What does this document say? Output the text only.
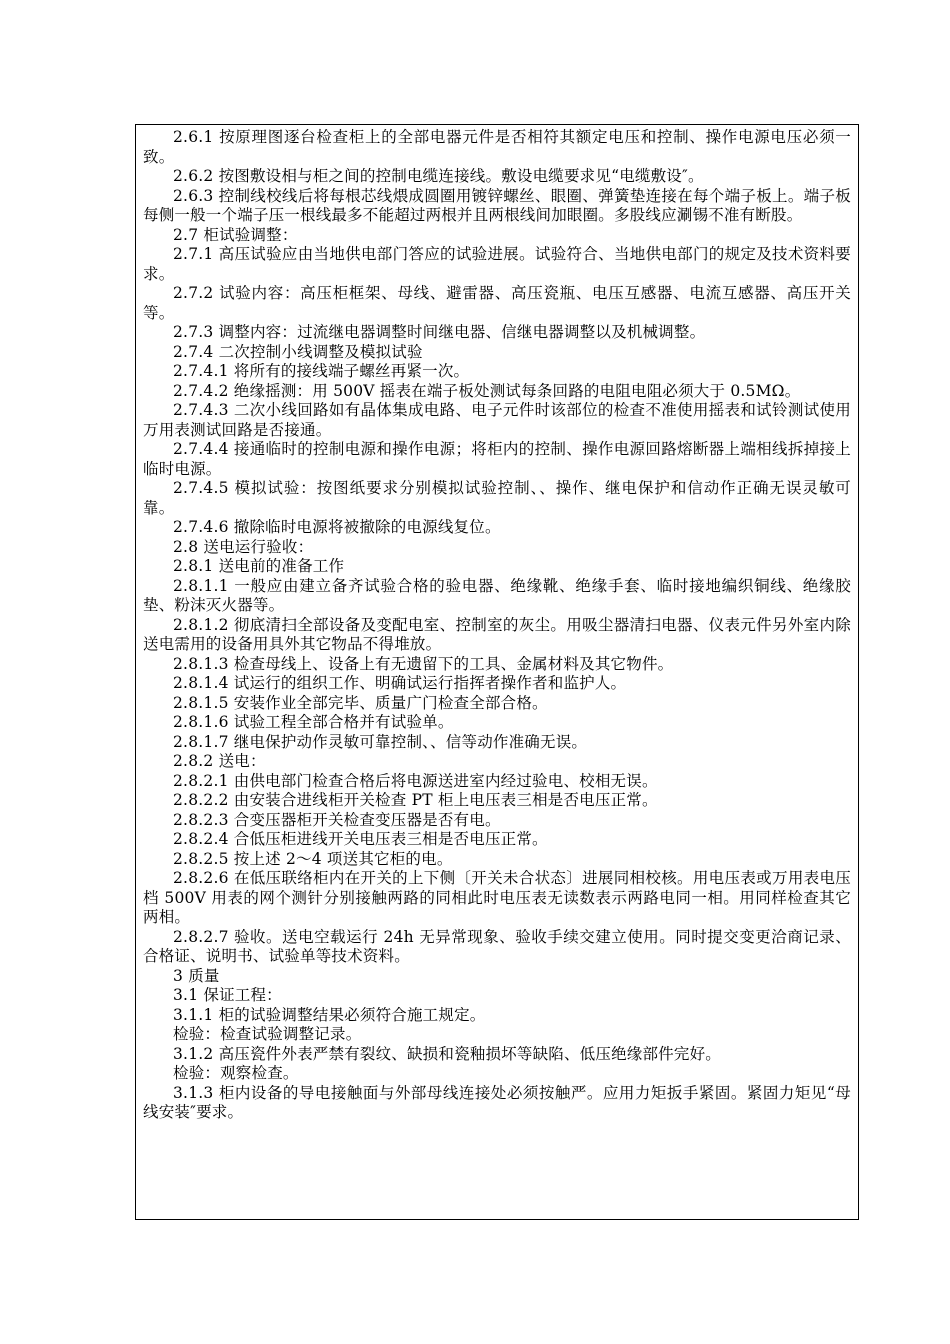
2.6.1 按原理图逐台检查柜上的全部电器元件是否相符其额定电压和控制、操作电源电压必须一致。

2.6.2 按图敷设相与柜之间的控制电缆连接线。敷设电缆要求见“电缆敷设″。

2.6.3 控制线校线后将每根芯线煨成圆圈用镀锌螺丝、眼圈、弹簧垫连接在每个端子板上。端子板每侧一般一个端子压一根线最多不能超过两根并且两根线间加眼圈。多股线应涮锡不准有断股。

2.7 柜试验调整：

2.7.1 高压试验应由当地供电部门答应的试验进展。试验符合、当地供电部门的规定及技术资料要求。

2.7.2 试验内容：高压柜框架、母线、避雷器、高压瓷瓶、电压互感器、电流互感器、高压开关等。

2.7.3 调整内容：过流继电器调整时间继电器、信继电器调整以及机械调整。

2.7.4 二次控制小线调整及模拟试验

2.7.4.1 将所有的接线端子螺丝再紧一次。

2.7.4.2 绝缘摇测：用 500V 摇表在端子板处测试每条回路的电阻电阻必须大于 0.5MΩ。

2.7.4.3 二次小线回路如有晶体集成电路、电子元件时该部位的检查不准使用摇表和试铃测试使用万用表测试回路是否接通。

2.7.4.4 接通临时的控制电源和操作电源；将柜内的控制、操作电源回路熔断器上端相线拆掉接上临时电源。

2.7.4.5 模拟试验：按图纸要求分别模拟试验控制、、操作、继电保护和信动作正确无误灵敏可靠。

2.7.4.6 撤除临时电源将被撤除的电源线复位。

2.8 送电运行验收：

2.8.1 送电前的准备工作

2.8.1.1 一般应由建立备齐试验合格的验电器、绝缘靴、绝缘手套、临时接地编织铜线、绝缘胶垫、粉沫灭火器等。

2.8.1.2 彻底清扫全部设备及变配电室、控制室的灰尘。用吸尘器清扫电器、仪表元件另外室内除送电需用的设备用具外其它物品不得堆放。

2.8.1.3 检查母线上、设备上有无遗留下的工具、金属材料及其它物件。

2.8.1.4 试运行的组织工作、明确试运行指挥者操作者和监护人。

2.8.1.5 安装作业全部完毕、质量广门检查全部合格。

2.8.1.6 试验工程全部合格并有试验单。

2.8.1.7 继电保护动作灵敏可靠控制、、信等动作准确无误。

2.8.2 送电：

2.8.2.1 由供电部门检查合格后将电源送进室内经过验电、校相无误。

2.8.2.2 由安装合进线柜开关检查 PT 柜上电压表三相是否电压正常。

2.8.2.3 合变压器柜开关检查变压器是否有电。

2.8.2.4 合低压柜进线开关电压表三相是否电压正常。

2.8.2.5 按上述 2～4 项送其它柜的电。

2.8.2.6 在低压联络柜内在开关的上下侧〔开关未合状态〕进展同相校核。用电压表或万用表电压档 500V 用表的网个测针分别接触两路的同相此时电压表无读数表示两路电同一相。用同样检查其它两相。

2.8.2.7 验收。送电空载运行 24h 无异常现象、验收手续交建立使用。同时提交变更洽商记录、合格证、说明书、试验单等技术资料。

3 质量

3.1 保证工程：

3.1.1 柜的试验调整结果必须符合施工规定。

检验：检查试验调整记录。

3.1.2 高压瓷件外表严禁有裂纹、缺损和瓷釉损坏等缺陷、低压绝缘部件完好。

检验：观察检查。

3.1.3 柜内设备的导电接触面与外部母线连接处必须按触严。应用力矩扳手紧固。紧固力矩见“母线安装″要求。
